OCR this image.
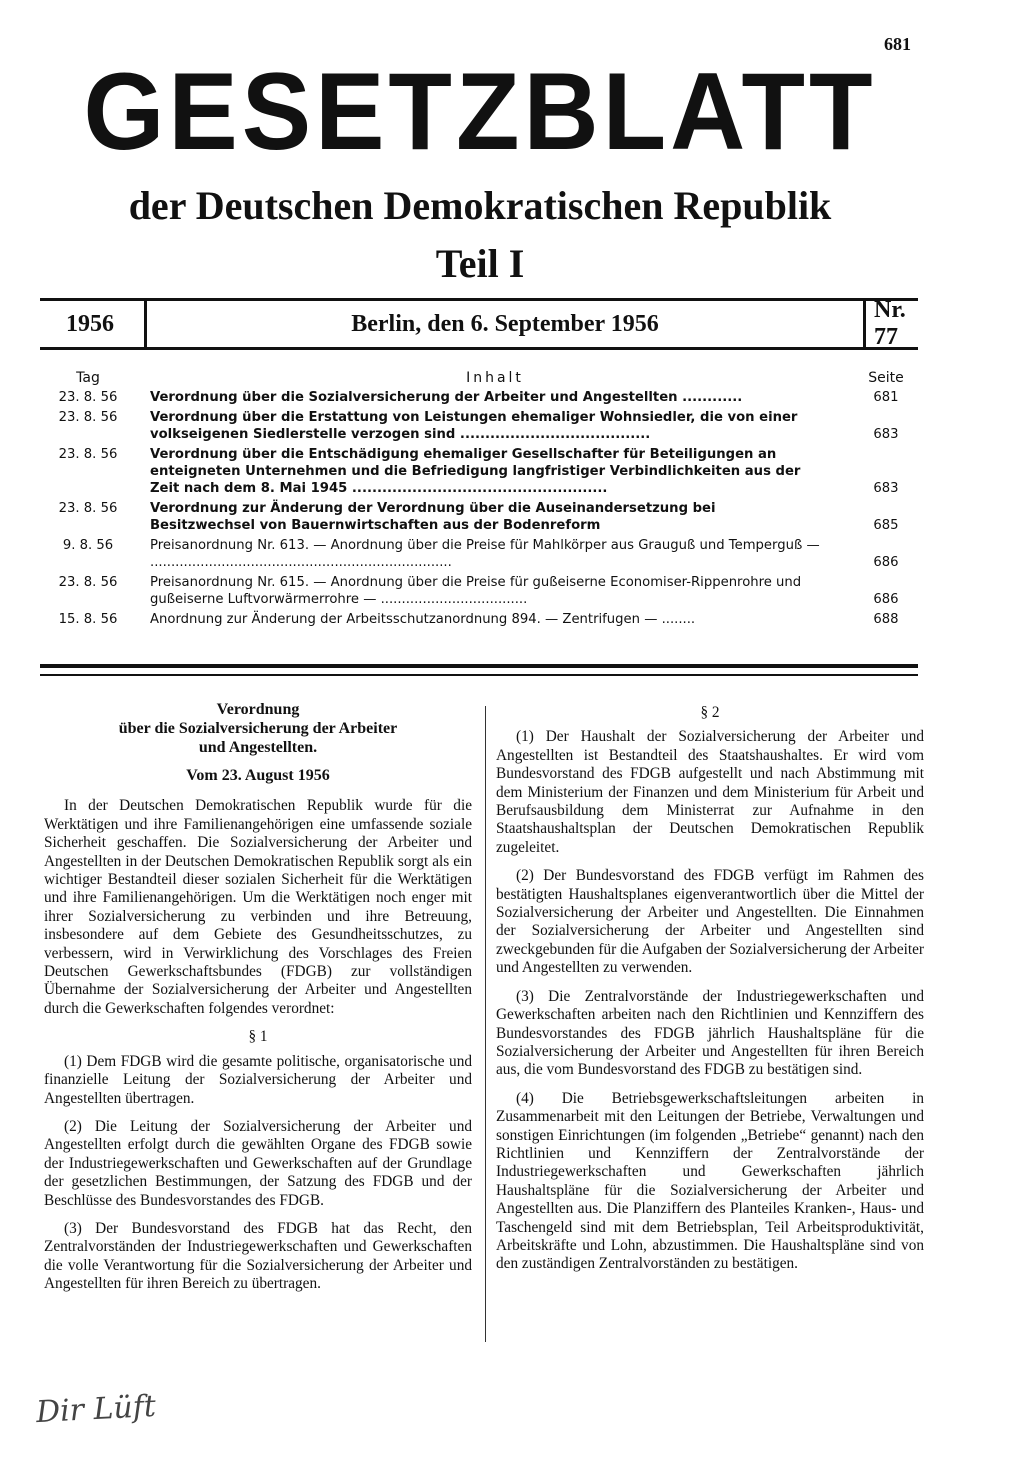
681
GESETZBLATT
der Deutschen Demokratischen Republik
Teil I
1956	Berlin, den 6. September 1956
Nr. 77
Tag	Inhalt	Seite
23. 8. 56	Verordnung über die Sozialversicherung der Arbeiter und Angestellten ............	681
23. 8. 56	Verordnung über die Erstattung von Leistungen ehemaliger Wohnsiedler, die von einer volkseigenen Siedlerstelle verzogen sind ......................................	683
23. 8. 56	Verordnung über die Entschädigung ehemaliger Gesellschafter für Beteiligungen an enteigneten Unternehmen und die Befriedigung langfristiger Verbindlichkeiten aus der Zeit nach dem 8. Mai 1945 ...................................................	683
23. 8. 56	Verordnung zur Änderung der Verordnung über die Auseinandersetzung bei Besitzwechsel von Bauernwirtschaften aus der Bodenreform	685
9. 8. 56	Preisanordnung Nr. 613. — Anordnung über die Preise für Mahlkörper aus Grauguß und Temperguß — ........................................................................	686
23. 8. 56	Preisanordnung Nr. 615. — Anordnung über die Preise für gußeiserne Economiser-Rippenrohre und gußeiserne Luftvorwärmerrohre — ...................................	686
15. 8. 56	Anordnung zur Änderung der Arbeitsschutzanordnung 894. — Zentrifugen — ........	688
Verordnung
über die Sozialversicherung der Arbeiter
und Angestellten.
Vom 23. August 1956

In der Deutschen Demokratischen Republik wurde für die Werktätigen und ihre Familienangehörigen eine umfassende soziale Sicherheit geschaffen. Die Sozialversicherung der Arbeiter und Angestellten in der Deutschen Demokratischen Republik sorgt als ein wichtiger Bestandteil dieser sozialen Sicherheit für die Werktätigen und ihre Familienangehörigen. Um die Werktätigen noch enger mit ihrer Sozialversicherung zu verbinden und ihre Betreuung, insbesondere auf dem Gebiete des Gesundheitsschutzes, zu verbessern, wird in Verwirklichung des Vorschlages des Freien Deutschen Gewerkschaftsbundes (FDGB) zur vollständigen Übernahme der Sozialversicherung der Arbeiter und Angestellten durch die Gewerkschaften folgendes verordnet:

§ 1

(1) Dem FDGB wird die gesamte politische, organisatorische und finanzielle Leitung der Sozialversicherung der Arbeiter und Angestellten übertragen.

(2) Die Leitung der Sozialversicherung der Arbeiter und Angestellten erfolgt durch die gewählten Organe des FDGB sowie der Industriegewerkschaften und Gewerkschaften auf der Grundlage der gesetzlichen Bestimmungen, der Satzung des FDGB und der Beschlüsse des Bundesvorstandes des FDGB.

(3) Der Bundesvorstand des FDGB hat das Recht, den Zentralvorständen der Industriegewerkschaften und Gewerkschaften die volle Verantwortung für die Sozialversicherung der Arbeiter und Angestellten für ihren Bereich zu übertragen.

§ 2

(1) Der Haushalt der Sozialversicherung der Arbeiter und Angestellten ist Bestandteil des Staatshaushaltes. Er wird vom Bundesvorstand des FDGB aufgestellt und nach Abstimmung mit dem Ministerium der Finanzen und dem Ministerium für Arbeit und Berufsausbildung dem Ministerrat zur Aufnahme in den Staatshaushaltsplan der Deutschen Demokratischen Republik zugeleitet.

(2) Der Bundesvorstand des FDGB verfügt im Rahmen des bestätigten Haushaltsplanes eigenverantwortlich über die Mittel der Sozialversicherung der Arbeiter und Angestellten. Die Einnahmen der Sozialversicherung der Arbeiter und Angestellten sind zweckgebunden für die Aufgaben der Sozialversicherung der Arbeiter und Angestellten zu verwenden.

(3) Die Zentralvorstände der Industriegewerkschaften und Gewerkschaften arbeiten nach den Richtlinien und Kennziffern des Bundesvorstandes des FDGB jährlich Haushaltspläne für die Sozialversicherung der Arbeiter und Angestellten für ihren Bereich aus, die vom Bundesvorstand des FDGB zu bestätigen sind.

(4) Die Betriebsgewerkschaftsleitungen arbeiten in Zusammenarbeit mit den Leitungen der Betriebe, Verwaltungen und sonstigen Einrichtungen (im folgenden „Betriebe“ genannt) nach den Richtlinien und Kennziffern der Zentralvorstände der Industriegewerkschaften und Gewerkschaften jährlich Haushaltspläne für die Sozialversicherung der Arbeiter und Angestellten aus. Die Planziffern des Planteiles Kranken-, Haus- und Taschengeld sind mit dem Betriebsplan, Teil Arbeitsproduktivität, Arbeitskräfte und Lohn, abzustimmen. Die Haushaltspläne sind von den zuständigen Zentralvorständen zu bestätigen.

Dir Lüft
